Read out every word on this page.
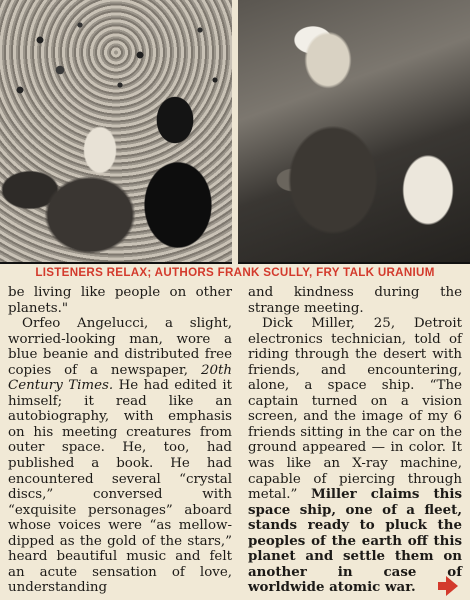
LISTENERS RELAX; AUTHORS FRANK SCULLY, FRY TALK URANIUM

be living like people on other planets."

Orfeo Angelucci, a slight, worried-looking man, wore a blue beanie and distributed free copies of a newspaper, 20th Century Times. He had edited it himself; it read like an autobiography, with emphasis on his meeting creatures from outer space. He, too, had published a book. He had encountered several “crystal discs,” conversed with “exquisite personages” aboard whose voices were “as mellow-dipped as the gold of the stars,” heard beautiful music and felt an acute sensation of love, understanding

and kindness during the strange meeting.

Dick Miller, 25, Detroit electronics technician, told of riding through the desert with friends, and encountering, alone, a space ship. “The captain turned on a vision screen, and the image of my 6 friends sitting in the car on the ground appeared — in color. It was like an X-ray machine, capable of piercing through metal.” Miller claims this space ship, one of a fleet, stands ready to pluck the peoples of the earth off this planet and settle them on another in case of worldwide atomic war.
